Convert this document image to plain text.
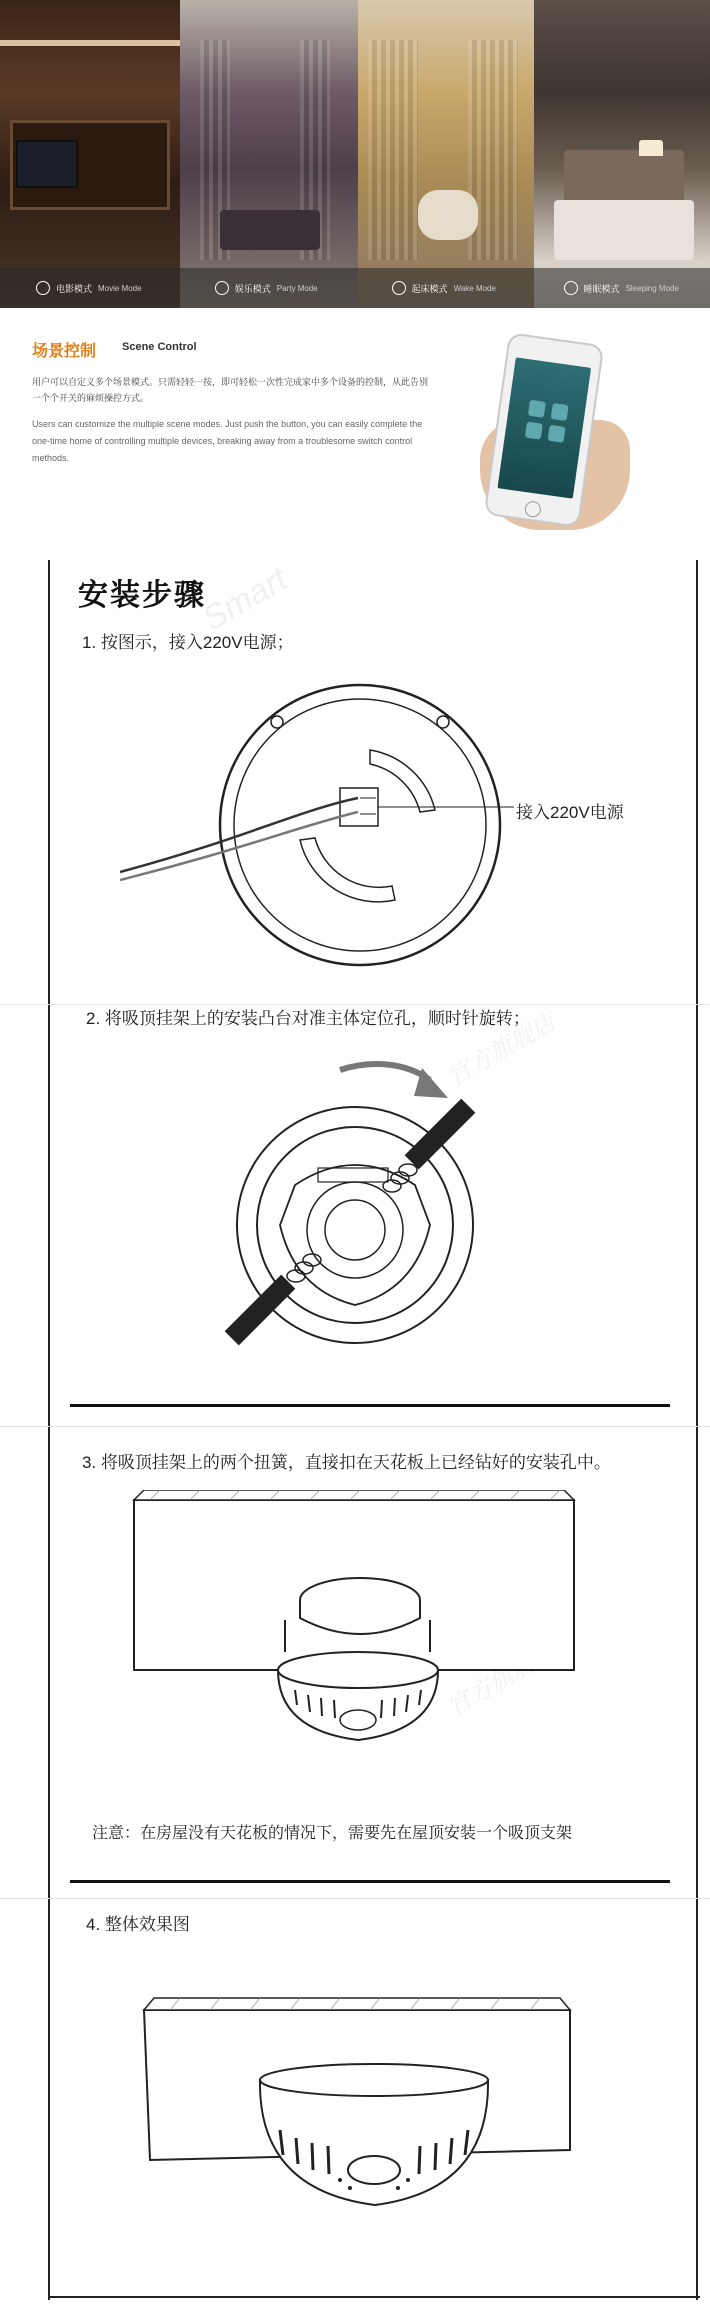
电影模式 Movie Mode	娱乐模式 Party Mode	起床模式 Wake Mode	睡眠模式 Sleeping Mode
场景控制 Scene Control
用户可以自定义多个场景模式。只需轻轻一按，即可轻松一次性完成家中多个设备的控制，从此告别一个个开关的麻烦操控方式。
Users can customize the multiple scene modes. Just push the button, you can easily complete the one-time home of controlling multiple devices, breaking away from a troublesome switch control methods.
安装步骤
Smart
官方旗舰店
官方旗舰店
1. 按图示，接入220V电源；
接入220V电源
2. 将吸顶挂架上的安装凸台对准主体定位孔，顺时针旋转；
3. 将吸顶挂架上的两个扭簧，直接扣在天花板上已经钻好的安装孔中。
注意：在房屋没有天花板的情况下，需要先在屋顶安装一个吸顶支架
4. 整体效果图
